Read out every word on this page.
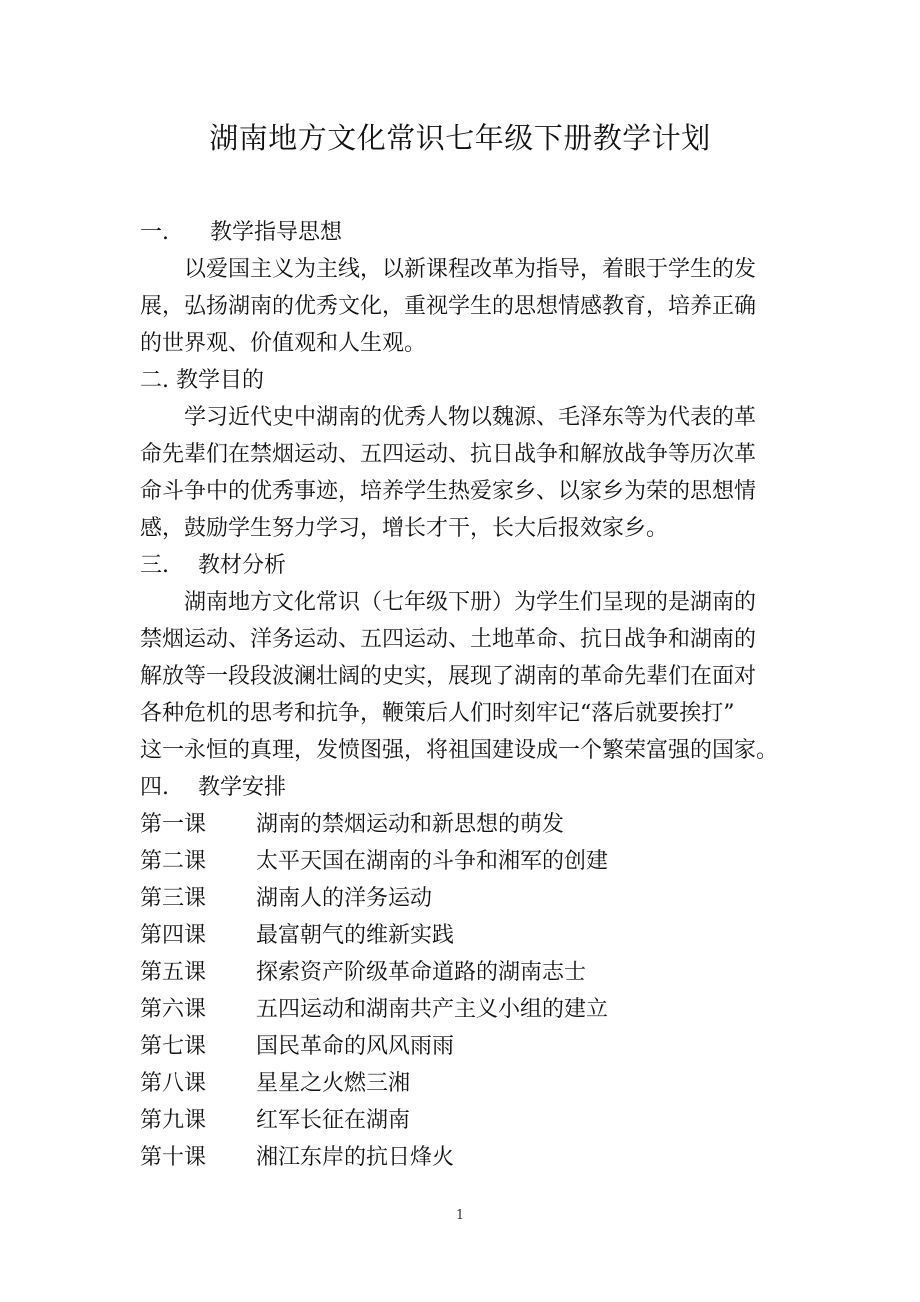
湖南地方文化常识七年级下册教学计划
一. 教学指导思想
以爱国主义为主线，以新课程改革为指导，着眼于学生的发
展，弘扬湖南的优秀文化，重视学生的思想情感教育，培养正确
的世界观、价值观和人生观。
二. 教学目的
学习近代史中湖南的优秀人物以魏源、毛泽东等为代表的革
命先辈们在禁烟运动、五四运动、抗日战争和解放战争等历次革
命斗争中的优秀事迹，培养学生热爱家乡、以家乡为荣的思想情
感，鼓励学生努力学习，增长才干，长大后报效家乡。
三. 教材分析
湖南地方文化常识（七年级下册）为学生们呈现的是湖南的
禁烟运动、洋务运动、五四运动、土地革命、抗日战争和湖南的
解放等一段段波澜壮阔的史实，展现了湖南的革命先辈们在面对
各种危机的思考和抗争，鞭策后人们时刻牢记“落后就要挨打”
这一永恒的真理，发愤图强，将祖国建设成一个繁荣富强的国家。
四. 教学安排
第一课	湖南的禁烟运动和新思想的萌发
第二课	太平天国在湖南的斗争和湘军的创建
第三课	湖南人的洋务运动
第四课	最富朝气的维新实践
第五课	探索资产阶级革命道路的湖南志士
第六课	五四运动和湖南共产主义小组的建立
第七课	国民革命的风风雨雨
第八课	星星之火燃三湘
第九课	红军长征在湖南
第十课	湘江东岸的抗日烽火
1
